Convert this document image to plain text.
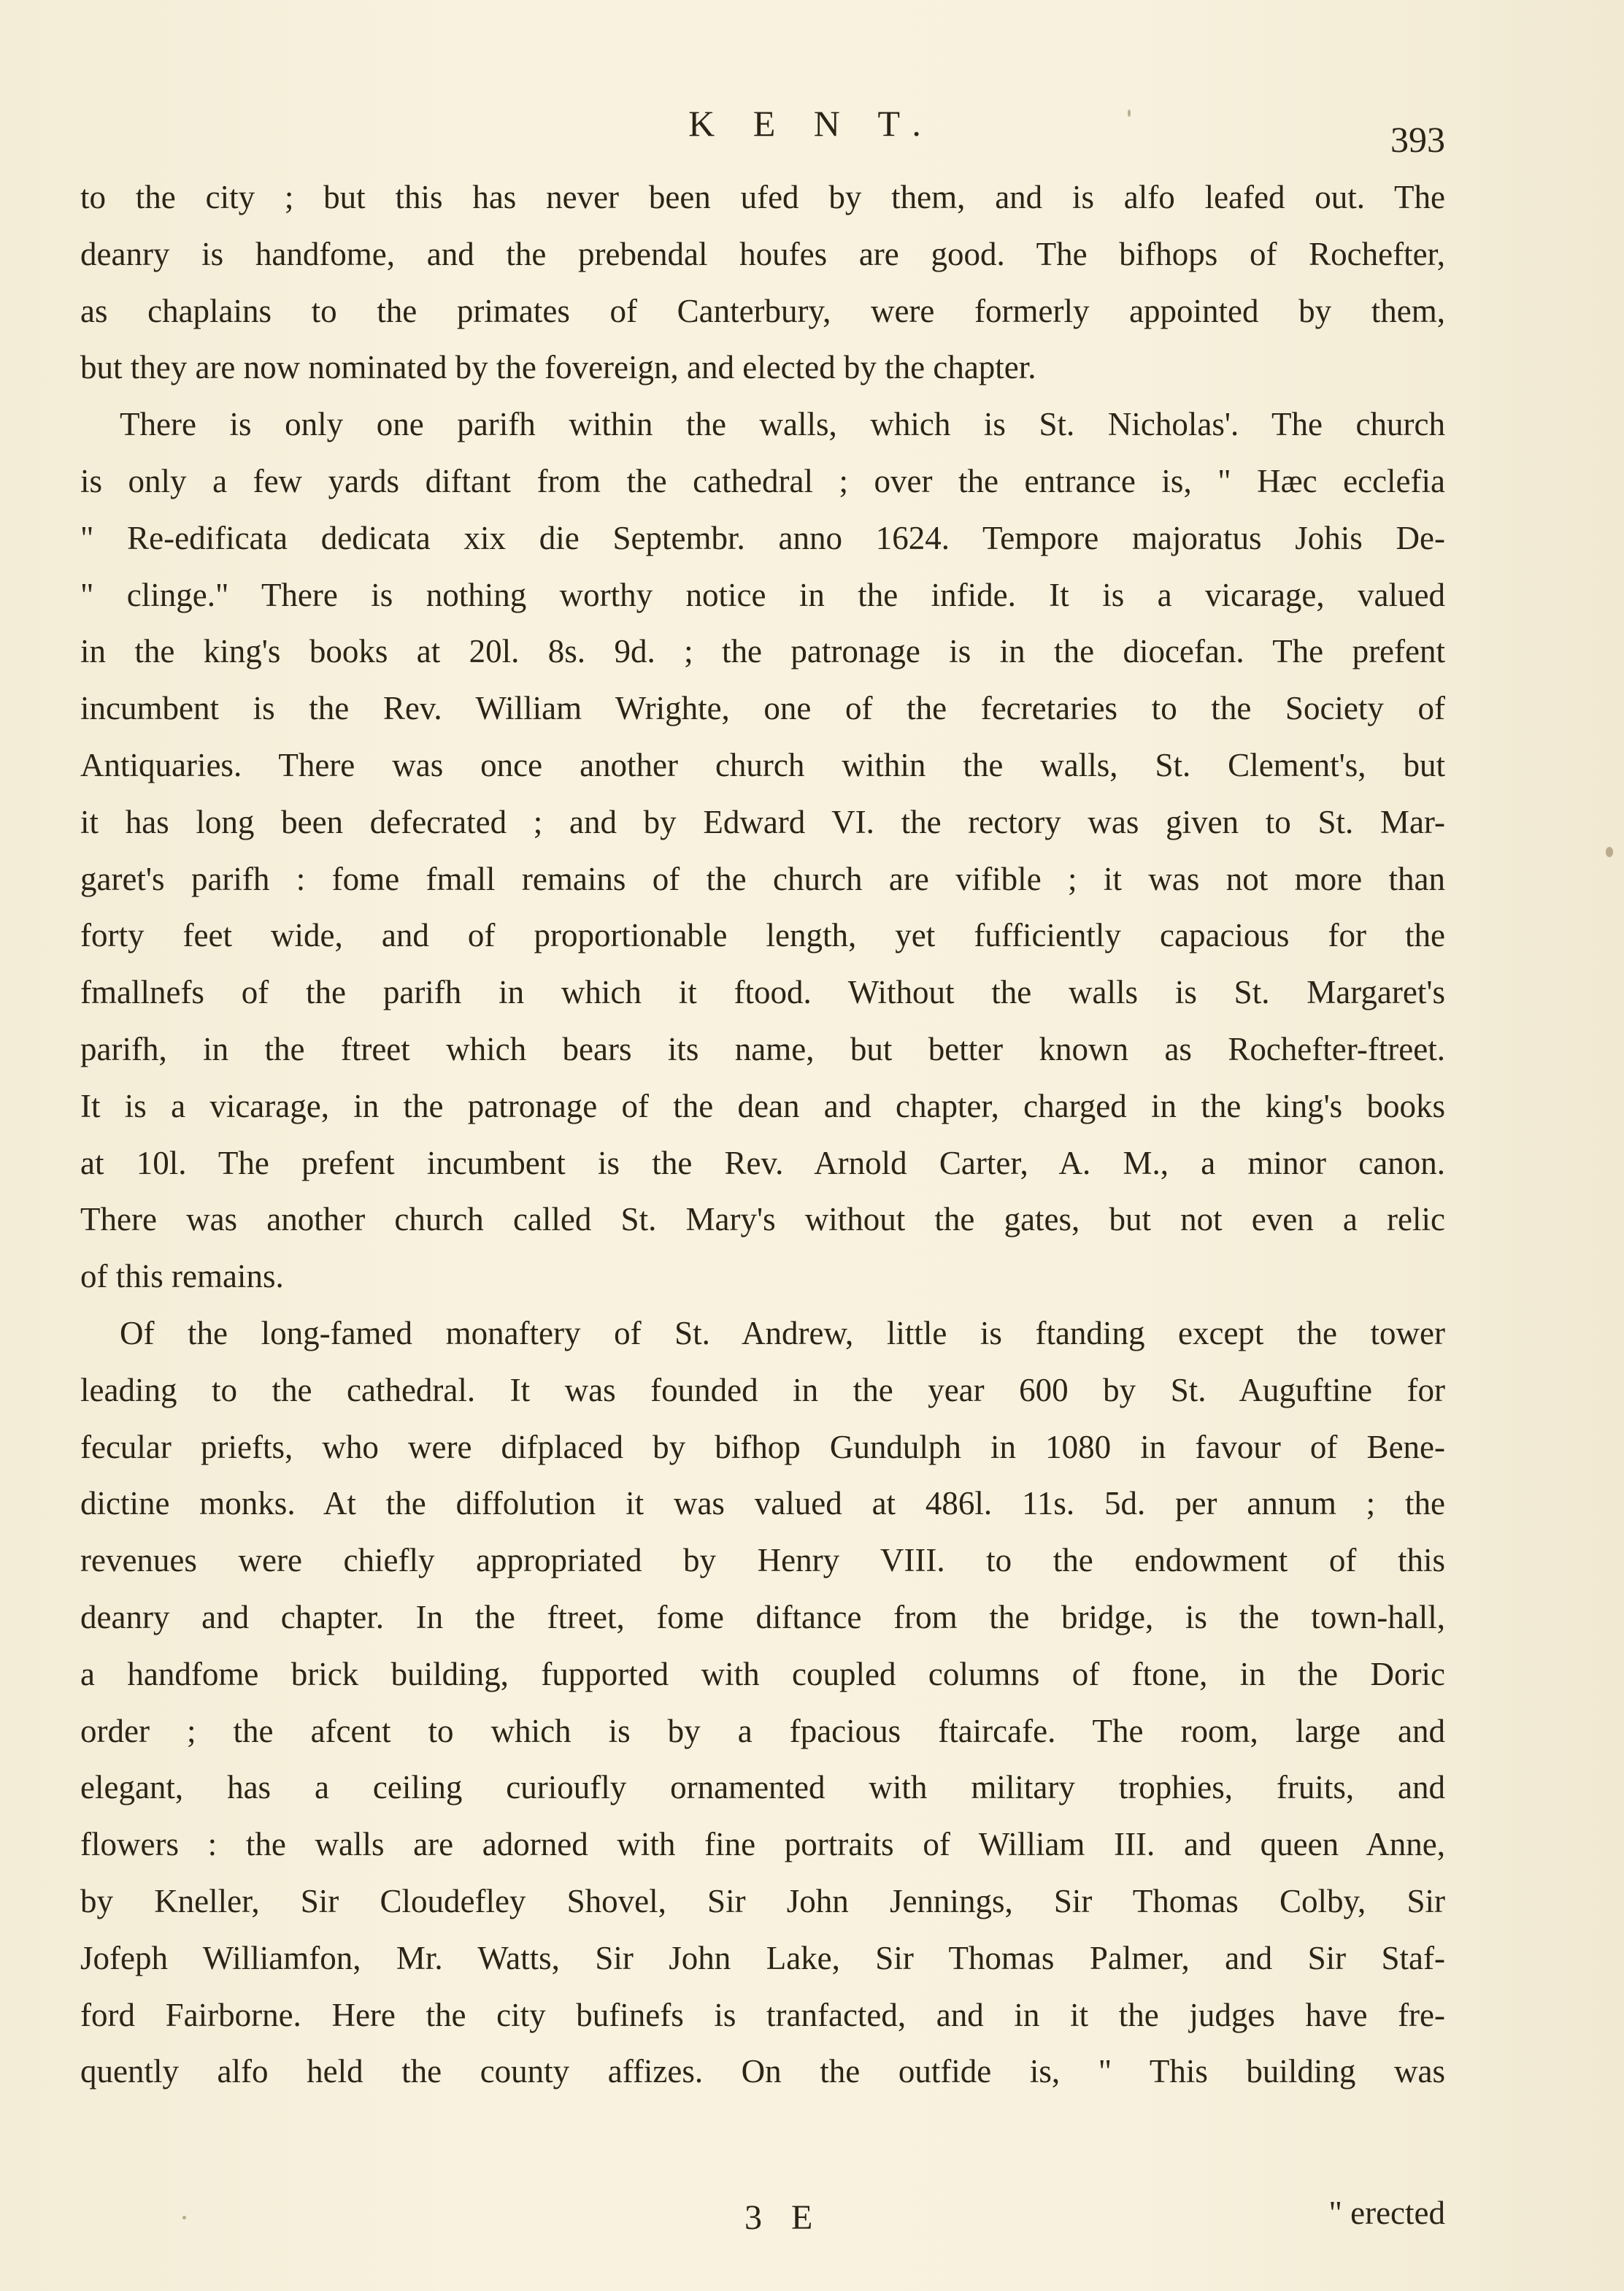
K E N T.	393
to the city ; but this has never been ufed by them, and is alfo leafed out. The
deanry is handfome, and the prebendal houfes are good. The bifhops of Rochefter,
as chaplains to the primates of Canterbury, were formerly appointed by them,
but they are now nominated by the fovereign, and elected by the chapter.
There is only one parifh within the walls, which is St. Nicholas'. The church
is only a few yards diftant from the cathedral ; over the entrance is, " Hæc ecclefia
" Re-edificata dedicata xix die Septembr. anno 1624. Tempore majoratus Johis De-
" clinge." There is nothing worthy notice in the infide. It is a vicarage, valued
in the king's books at 20l. 8s. 9d. ; the patronage is in the diocefan. The prefent
incumbent is the Rev. William Wrighte, one of the fecretaries to the Society of
Antiquaries. There was once another church within the walls, St. Clement's, but
it has long been defecrated ; and by Edward VI. the rectory was given to St. Mar-
garet's parifh : fome fmall remains of the church are vifible ; it was not more than
forty feet wide, and of proportionable length, yet fufficiently capacious for the
fmallnefs of the parifh in which it ftood. Without the walls is St. Margaret's
parifh, in the ftreet which bears its name, but better known as Rochefter-ftreet.
It is a vicarage, in the patronage of the dean and chapter, charged in the king's books
at 10l. The prefent incumbent is the Rev. Arnold Carter, A. M., a minor canon.
There was another church called St. Mary's without the gates, but not even a relic
of this remains.
Of the long-famed monaftery of St. Andrew, little is ftanding except the tower
leading to the cathedral. It was founded in the year 600 by St. Auguftine for
fecular priefts, who were difplaced by bifhop Gundulph in 1080 in favour of Bene-
dictine monks. At the diffolution it was valued at 486l. 11s. 5d. per annum ; the
revenues were chiefly appropriated by Henry VIII. to the endowment of this
deanry and chapter. In the ftreet, fome diftance from the bridge, is the town-hall,
a handfome brick building, fupported with coupled columns of ftone, in the Doric
order ; the afcent to which is by a fpacious ftaircafe. The room, large and
elegant, has a ceiling curioufly ornamented with military trophies, fruits, and
flowers : the walls are adorned with fine portraits of William III. and queen Anne,
by Kneller, Sir Cloudefley Shovel, Sir John Jennings, Sir Thomas Colby, Sir
Jofeph Williamfon, Mr. Watts, Sir John Lake, Sir Thomas Palmer, and Sir Staf-
ford Fairborne. Here the city bufinefs is tranfacted, and in it the judges have fre-
quently alfo held the county affizes. On the outfide is, " This building was
3 E	" erected
